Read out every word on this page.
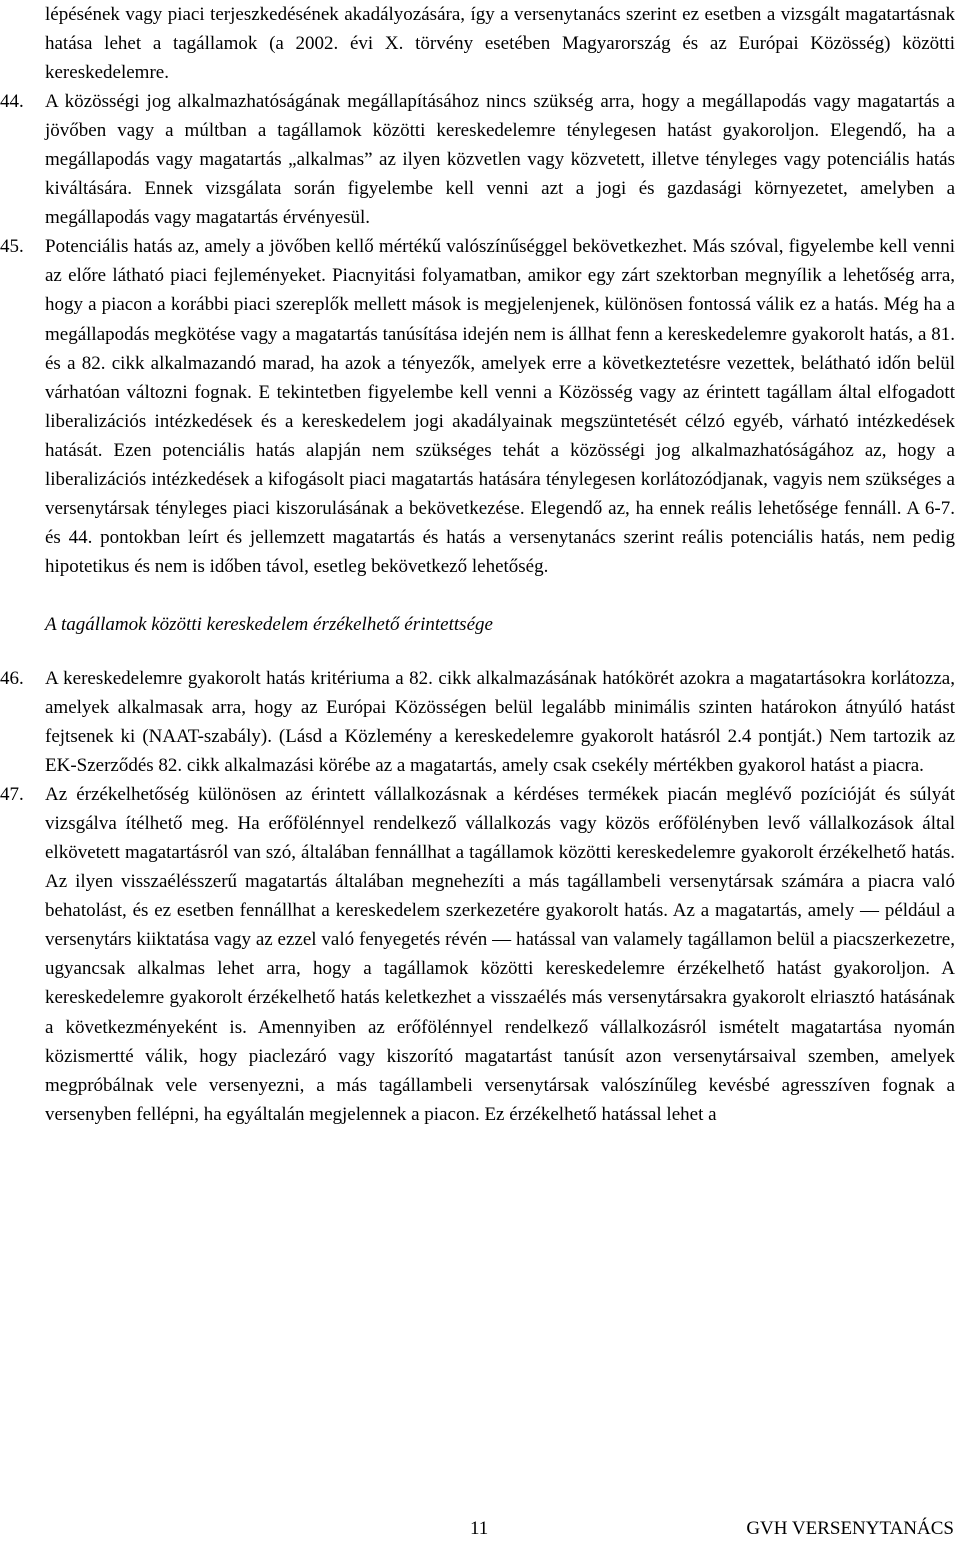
lépésének vagy piaci terjeszkedésének akadályozására, így a versenytanács szerint ez esetben a vizsgált magatartásnak hatása lehet a tagállamok (a 2002. évi X. törvény esetében Magyarország és az Európai Közösség) közötti kereskedelemre.

44. A közösségi jog alkalmazhatóságának megállapításához nincs szükség arra, hogy a megállapodás vagy magatartás a jövőben vagy a múltban a tagállamok közötti kereskedelemre ténylegesen hatást gyakoroljon. Elegendő, ha a megállapodás vagy magatartás „alkalmas” az ilyen közvetlen vagy közvetett, illetve tényleges vagy potenciális hatás kiváltására. Ennek vizsgálata során figyelembe kell venni azt a jogi és gazdasági környezetet, amelyben a megállapodás vagy magatartás érvényesül.

45. Potenciális hatás az, amely a jövőben kellő mértékű valószínűséggel bekövetkezhet. Más szóval, figyelembe kell venni az előre látható piaci fejleményeket. Piacnyitási folyamatban, amikor egy zárt szektorban megnyílik a lehetőség arra, hogy a piacon a korábbi piaci szereplők mellett mások is megjelenjenek, különösen fontossá válik ez a hatás. Még ha a megállapodás megkötése vagy a magatartás tanúsítása idején nem is állhat fenn a kereskedelemre gyakorolt hatás, a 81. és a 82. cikk alkalmazandó marad, ha azok a tényezők, amelyek erre a következtetésre vezettek, belátható időn belül várhatóan változni fognak. E tekintetben figyelembe kell venni a Közösség vagy az érintett tagállam által elfogadott liberalizációs intézkedések és a kereskedelem jogi akadályainak megszüntetését célzó egyéb, várható intézkedések hatását. Ezen potenciális hatás alapján nem szükséges tehát a közösségi jog alkalmazhatóságához az, hogy a liberalizációs intézkedések a kifogásolt piaci magatartás hatására ténylegesen korlátozódjanak, vagyis nem szükséges a versenytársak tényleges piaci kiszorulásának a bekövetkezése. Elegendő az, ha ennek reális lehetősége fennáll. A 6-7. és 44. pontokban leírt és jellemzett magatartás és hatás a versenytanács szerint reális potenciális hatás, nem pedig hipotetikus és nem is időben távol, esetleg bekövetkező lehetőség.

A tagállamok közötti kereskedelem érzékelhető érintettsége

46. A kereskedelemre gyakorolt hatás kritériuma a 82. cikk alkalmazásának hatókörét azokra a magatartásokra korlátozza, amelyek alkalmasak arra, hogy az Európai Közösségen belül legalább minimális szinten határokon átnyúló hatást fejtsenek ki (NAAT-szabály). (Lásd a Közlemény a kereskedelemre gyakorolt hatásról 2.4 pontját.) Nem tartozik az EK-Szerződés 82. cikk alkalmazási körébe az a magatartás, amely csak csekély mértékben gyakorol hatást a piacra.

47. Az érzékelhetőség különösen az érintett vállalkozásnak a kérdéses termékek piacán meglévő pozícióját és súlyát vizsgálva ítélhető meg. Ha erőfölénnyel rendelkező vállalkozás vagy közös erőfölényben levő vállalkozások által elkövetett magatartásról van szó, általában fennállhat a tagállamok közötti kereskedelemre gyakorolt érzékelhető hatás. Az ilyen visszaélésszerű magatartás általában megnehezíti a más tagállambeli versenytársak számára a piacra való behatolást, és ez esetben fennállhat a kereskedelem szerkezetére gyakorolt hatás. Az a magatartás, amely — például a versenytárs kiiktatása vagy az ezzel való fenyegetés révén — hatással van valamely tagállamon belül a piacszerkezetre, ugyancsak alkalmas lehet arra, hogy a tagállamok közötti kereskedelemre érzékelhető hatást gyakoroljon. A kereskedelemre gyakorolt érzékelhető hatás keletkezhet a visszaélés más versenytársakra gyakorolt elriasztó hatásának a következményeként is. Amennyiben az erőfölénnyel rendelkező vállalkozásról ismételt magatartása nyomán közismertté válik, hogy piaclezáró vagy kiszorító magatartást tanúsít azon versenytársaival szemben, amelyek megpróbálnak vele versenyezni, a más tagállambeli versenytársak valószínűleg kevésbé agresszíven fognak a versenyben fellépni, ha egyáltalán megjelennek a piacon. Ez érzékelhető hatással lehet a

11	GVH VERSENYTANÁCS
